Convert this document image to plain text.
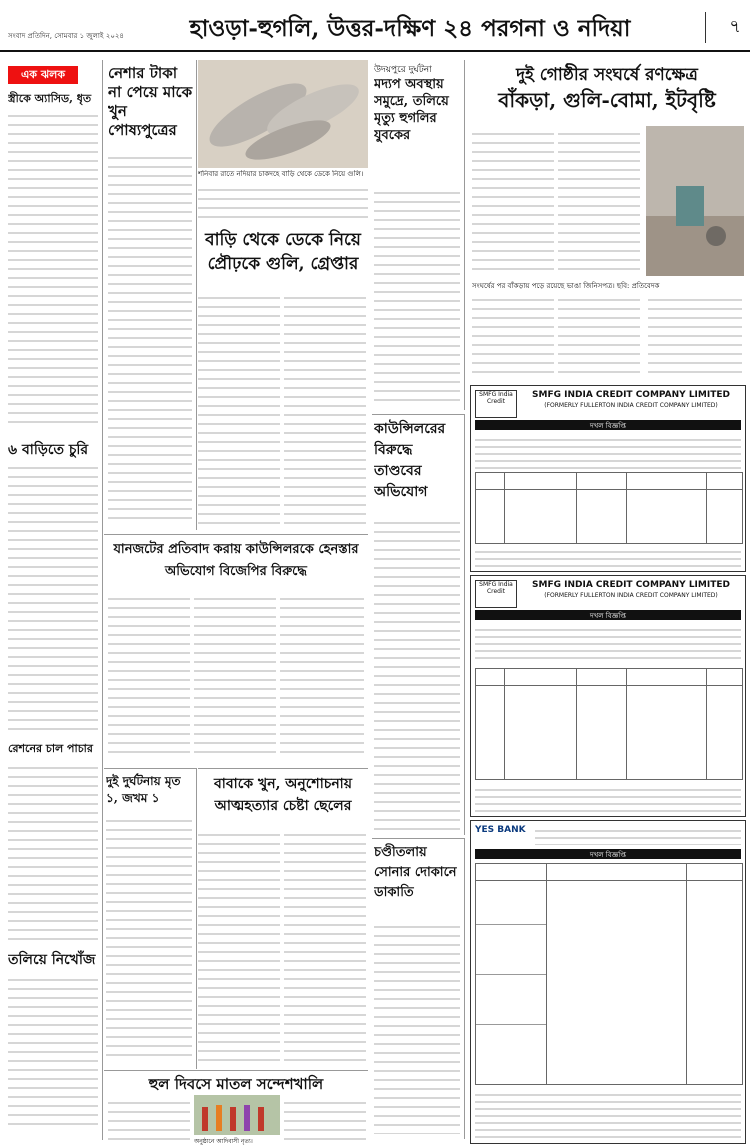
সংবাদ প্রতিদিন, সোমবার ১ জুলাই ২০২৪	হাওড়া-হুগলি, উত্তর-দক্ষিণ ২৪ পরগনা ও নদিয়া	৭
এক ঝলক
স্ত্রীকে অ্যাসিড, ধৃত
৬ বাড়িতে চুরি
রেশনের চাল পাচার
তলিয়ে নিখোঁজ
নেশার টাকা না পেয়ে মাকে খুন পোষ্যপুত্রের
শনিবার রাতে নদিয়ার চাকদহে বাড়ি থেকে ডেকে নিয়ে গুলি।
বাড়ি থেকে ডেকে নিয়ে প্রৌঢ়কে গুলি, গ্রেপ্তার
উদয়পুরে দুর্ঘটনা
মদ্যপ অবস্থায় সমুদ্রে, তলিয়ে মৃত্যু হুগলির যুবকের
দুই গোষ্ঠীর সংঘর্ষে রণক্ষেত্র
বাঁকড়া, গুলি-বোমা, ইটবৃষ্টি
সংঘর্ষের পর বাঁকড়ায় পড়ে রয়েছে ভাঙা জিনিসপত্র। ছবি: প্রতিবেদক
যানজটের প্রতিবাদ করায় কাউন্সিলরকে হেনস্তার অভিযোগ বিজেপির বিরুদ্ধে
দুই দুর্ঘটনায় মৃত ১, জখম ১
বাবাকে খুন, অনুশোচনায় আত্মহত্যার চেষ্টা ছেলের
হুল দিবসে মাতল সন্দেশখালি
অনুষ্ঠানে আদিবাসী নৃত্য।
কাউন্সিলরের বিরুদ্ধে তাণ্ডবের অভিযোগ
চণ্ডীতলায় সোনার দোকানে ডাকাতি
SMFG India Credit
SMFG INDIA CREDIT COMPANY LIMITED
(FORMERLY FULLERTON INDIA CREDIT COMPANY LIMITED)
দখল বিজ্ঞপ্তি
SMFG India Credit
SMFG INDIA CREDIT COMPANY LIMITED
(FORMERLY FULLERTON INDIA CREDIT COMPANY LIMITED)
দখল বিজ্ঞপ্তি
YES BANK
দখল বিজ্ঞপ্তি
